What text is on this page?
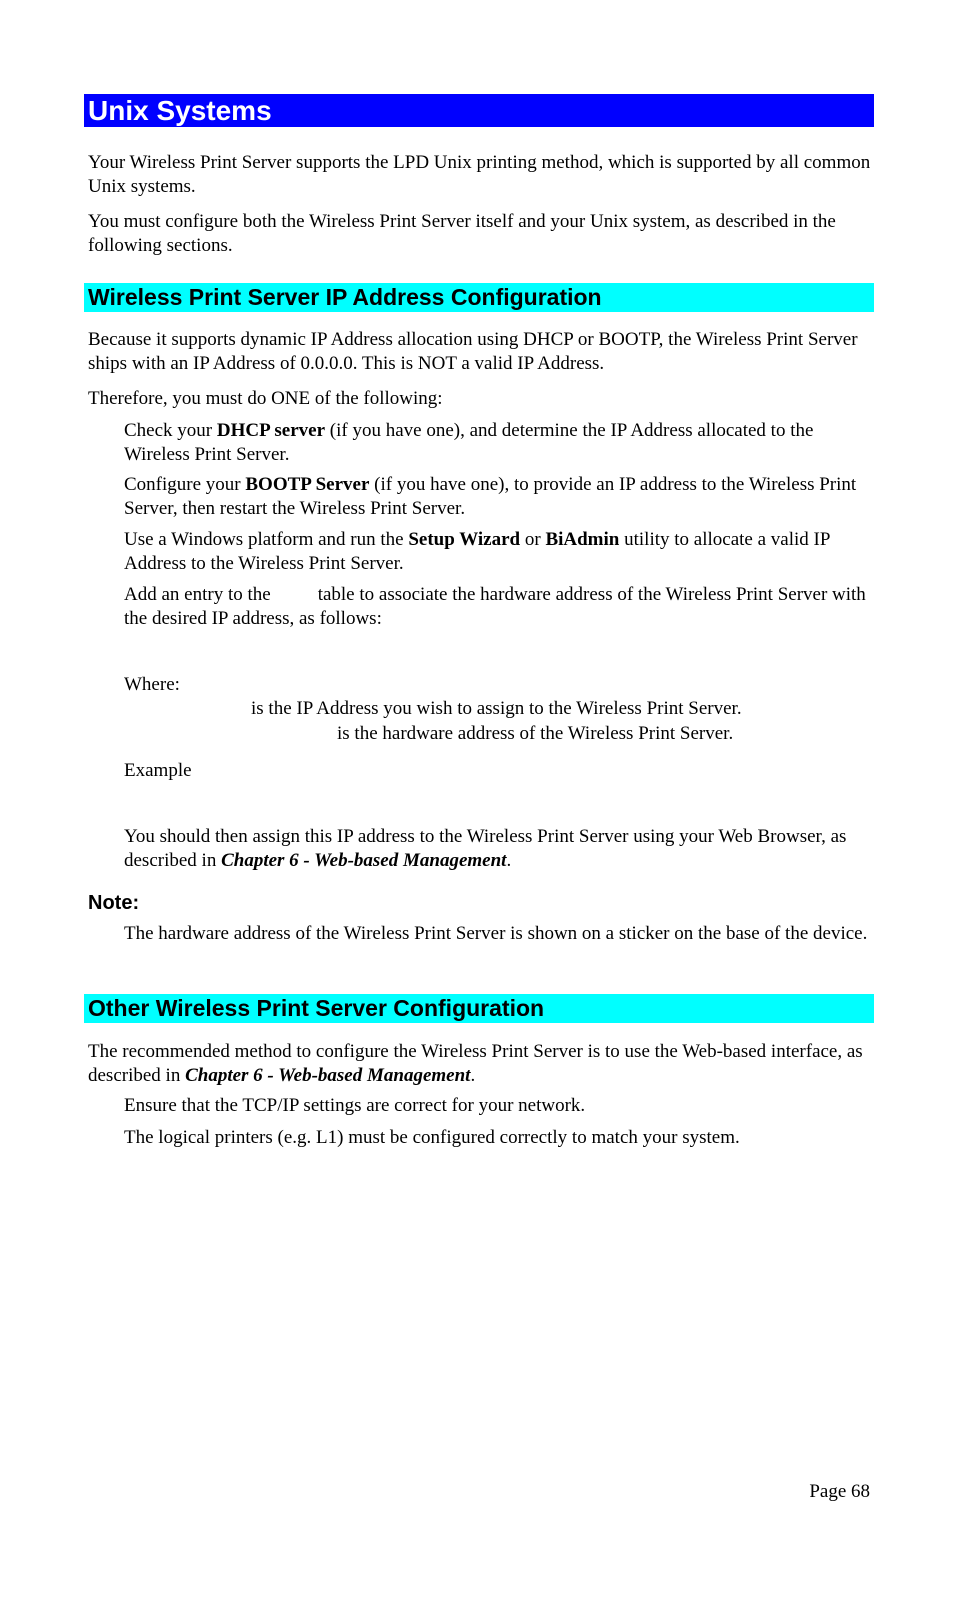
Unix Systems

Your Wireless Print Server supports the LPD Unix printing method, which is supported by all common Unix systems.

You must configure both the Wireless Print Server itself and your Unix system, as described in the following sections.

Wireless Print Server IP Address Configuration

Because it supports dynamic IP Address allocation using DHCP or BOOTP, the Wireless Print Server ships with an IP Address of 0.0.0.0. This is NOT a valid IP Address.

Therefore, you must do ONE of the following:

Check your DHCP server (if you have one), and determine the IP Address allocated to the Wireless Print Server.

Configure your BOOTP Server (if you have one), to provide an IP address to the Wireless Print Server, then restart the Wireless Print Server.

Use a Windows platform and run the Setup Wizard or BiAdmin utility to allocate a valid IP Address to the Wireless Print Server.

Add an entry to the table to associate the hardware address of the Wireless Print Server with the desired IP address, as follows:

Where:

is the IP Address you wish to assign to the Wireless Print Server.

is the hardware address of the Wireless Print Server.

Example

You should then assign this IP address to the Wireless Print Server using your Web Browser, as described in Chapter 6 - Web-based Management.

Note:

The hardware address of the Wireless Print Server is shown on a sticker on the base of the device.

Other Wireless Print Server Configuration

The recommended method to configure the Wireless Print Server is to use the Web-based interface, as described in Chapter 6 - Web-based Management.

Ensure that the TCP/IP settings are correct for your network.

The logical printers (e.g. L1) must be configured correctly to match your system.

Page 68
